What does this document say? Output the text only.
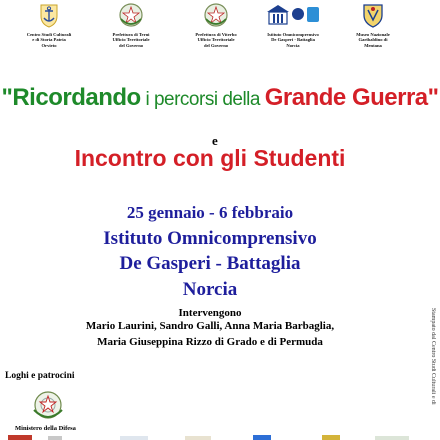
Centro Studi Culturali
e di Storia Patria
Orvieto
Prefettura di Terni
Ufficio Territoriale
del Governo
Prefettura di Viterbo
Ufficio Territoriale
del Governo
Istituto Omnicomprensivo
De Gasperi - Battaglia
Norcia
Museo Nazionale
Garibaldino di
Mentana
"Ricordando i percorsi della Grande Guerra"
e
Incontro con gli Studenti
25 gennaio - 6 febbraio
Istituto Omnicomprensivo
De Gasperi - Battaglia
Norcia
Intervengono
Mario Laurini, Sandro Galli, Anna Maria Barbaglia,
Maria Giuseppina Rizzo di Grado e di Permuda	Stampato dal Centro Studi Culturali e di
Loghi e patrocini
Ministero della Difesa
